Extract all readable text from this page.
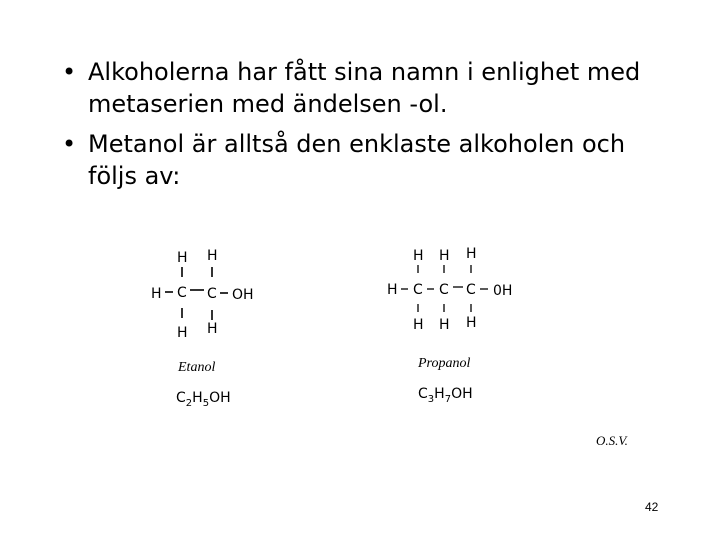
• Alkoholerna har fått sina namn i enlighet med metaserien med ändelsen -ol.
• Metanol är alltså den enklaste alkoholen och följs av:
H H
H C C OH
H H
Etanol
$C_2H_5OH$
H H H
H C C C 0H
H H H
Propanol
$C_3H_7OH$
O.S.V.
42
